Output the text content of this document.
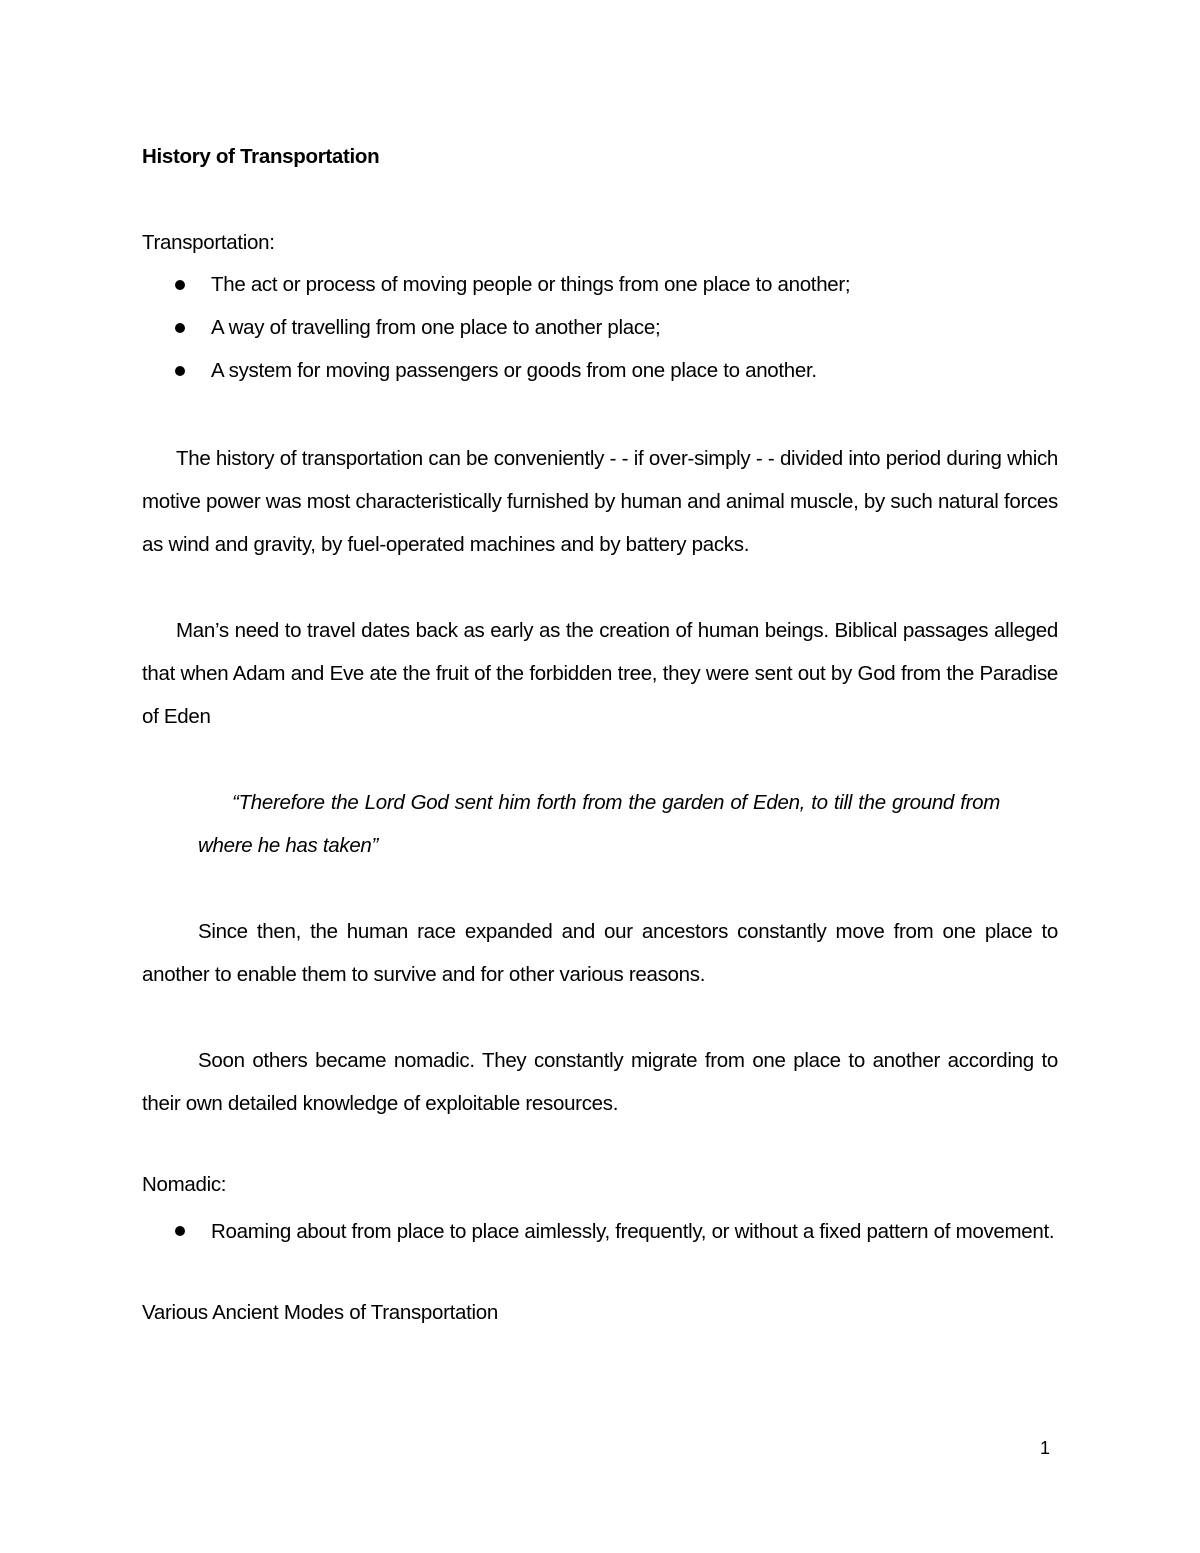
History of Transportation
Transportation:
The act or process of moving people or things from one place to another;
A way of travelling from one place to another place;
A system for moving passengers or goods from one place to another.

The history of transportation can be conveniently - - if over-simply - - divided into period during which motive power was most characteristically furnished by human and animal muscle, by such natural forces as wind and gravity, by fuel-operated machines and by battery packs.

Man’s need to travel dates back as early as the creation of human beings. Biblical passages alleged that when Adam and Eve ate the fruit of the forbidden tree, they were sent out by God from the Paradise of Eden

“Therefore the Lord God sent him forth from the garden of Eden, to till the ground from where he has taken”

Since then, the human race expanded and our ancestors constantly move from one place to another to enable them to survive and for other various reasons.

Soon others became nomadic. They constantly migrate from one place to another according to their own detailed knowledge of exploitable resources.

Nomadic:
Roaming about from place to place aimlessly, frequently, or without a fixed pattern of movement.
Various Ancient Modes of Transportation
1
